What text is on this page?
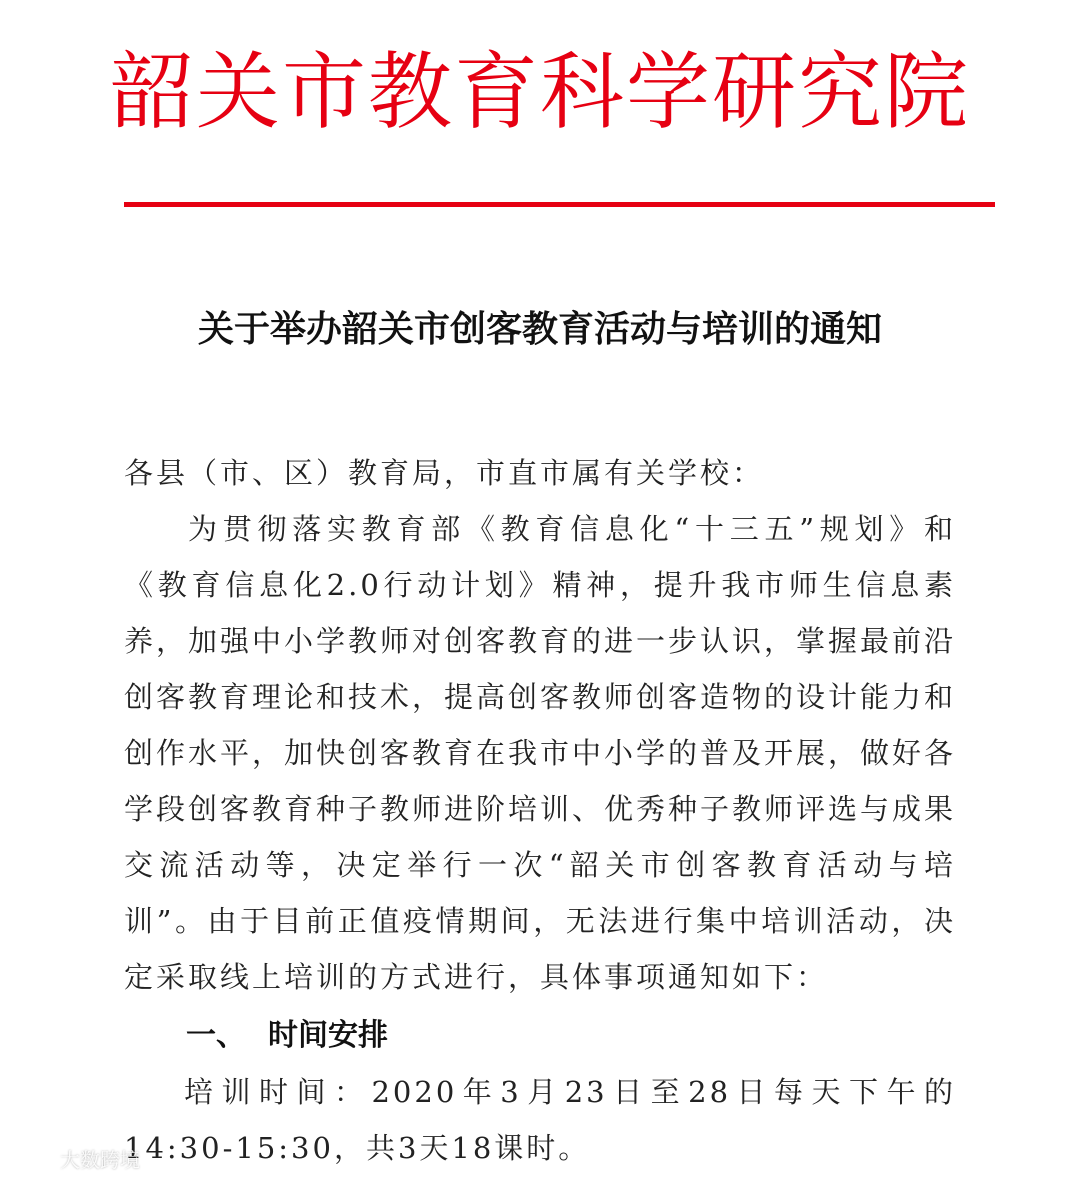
韶关市教育科学研究院
关于举办韶关市创客教育活动与培训的通知

各县（市、区）教育局，市直市属有关学校：

为贯彻落实教育部《教育信息化“十三五”规划》和《教育信息化2.0行动计划》精神，提升我市师生信息素养，加强中小学教师对创客教育的进一步认识，掌握最前沿创客教育理论和技术，提高创客教师创客造物的设计能力和创作水平，加快创客教育在我市中小学的普及开展，做好各学段创客教育种子教师进阶培训、优秀种子教师评选与成果交流活动等，决定举行一次“韶关市创客教育活动与培训”。由于目前正值疫情期间，无法进行集中培训活动，决定采取线上培训的方式进行，具体事项通知如下：

一、 时间安排

培训时间：2020年3月23日至28日每天下午的14:30-15:30，共3天18课时。

大数跨境
